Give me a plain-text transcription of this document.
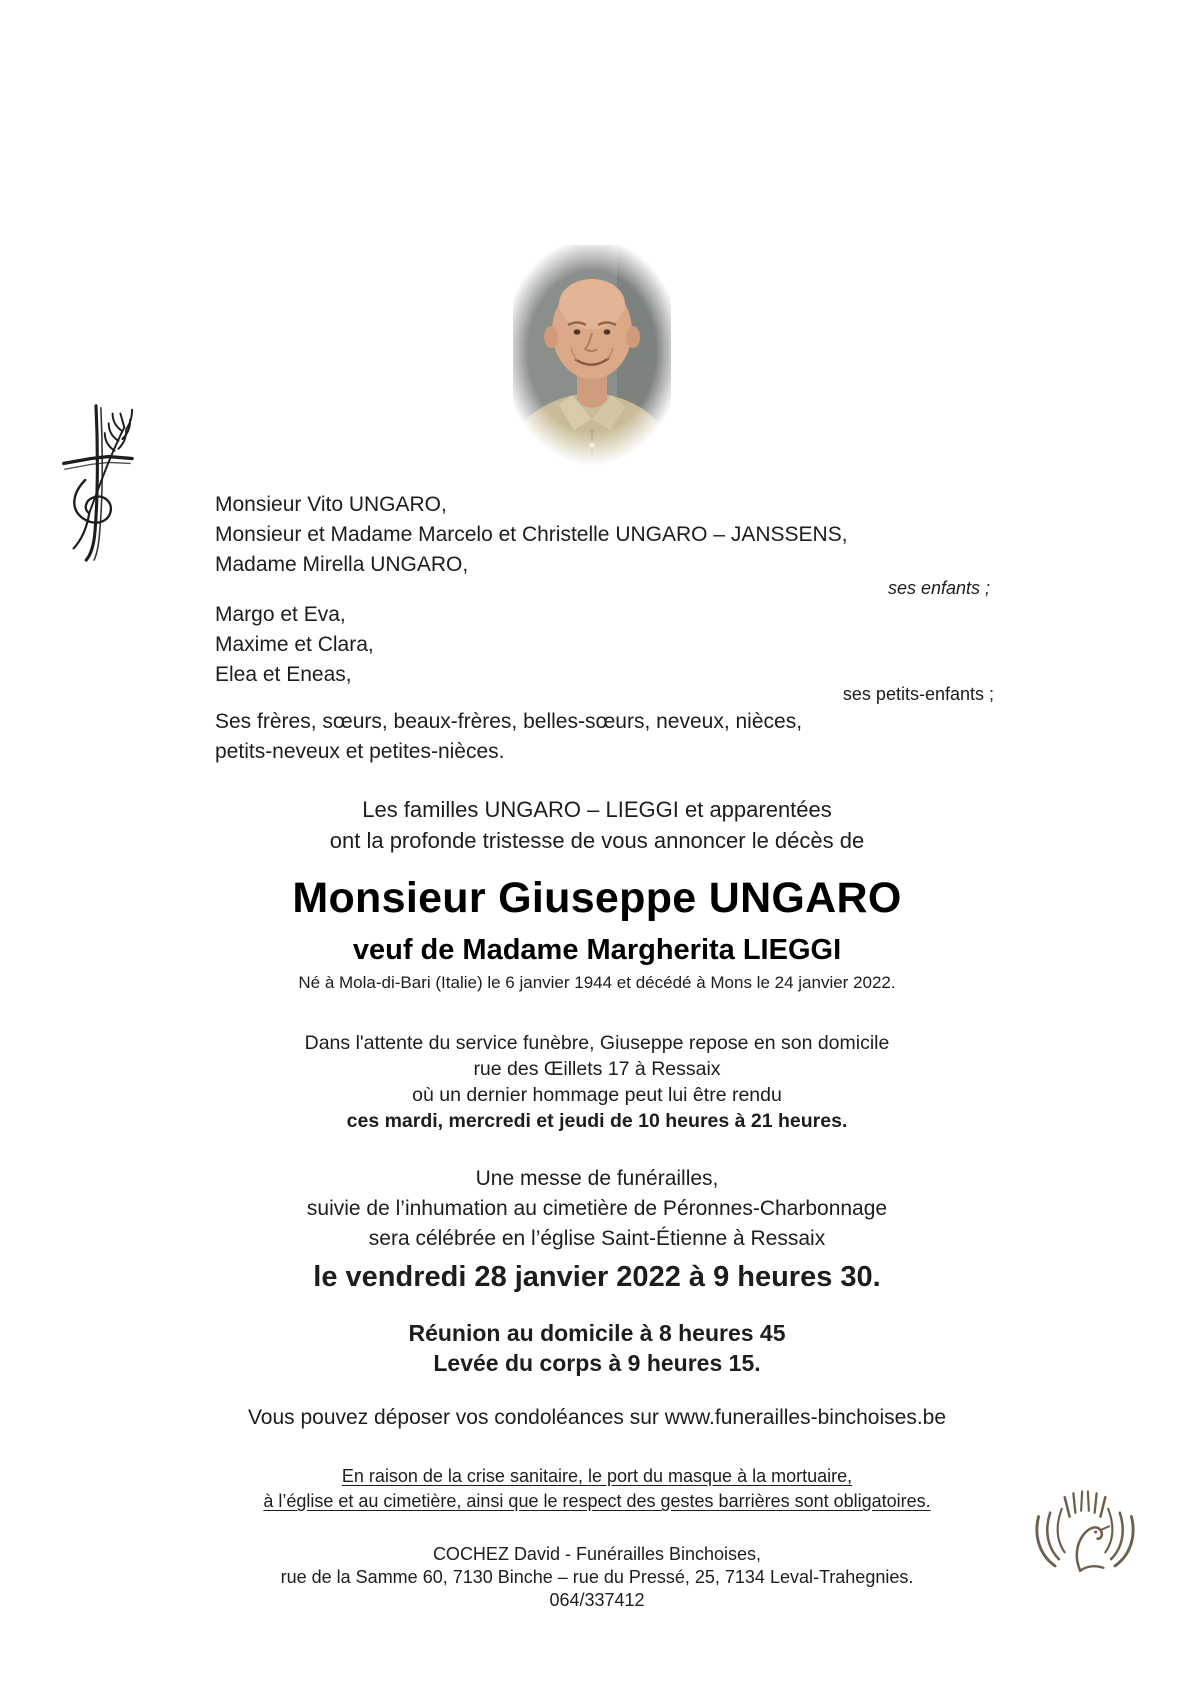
Monsieur Vito UNGARO,
Monsieur et Madame Marcelo et Christelle UNGARO – JANSSENS,
Madame Mirella UNGARO,
ses enfants ;
Margo et Eva,
Maxime et Clara,
Elea et Eneas,
ses petits-enfants ;
Ses frères, sœurs, beaux-frères, belles-sœurs, neveux, nièces,
petits-neveux et petites-nièces.
Les familles UNGARO – LIEGGI et apparentées
ont la profonde tristesse de vous annoncer le décès de
Monsieur Giuseppe UNGARO
veuf de Madame Margherita LIEGGI
Né à Mola-di-Bari (Italie) le 6 janvier 1944 et décédé à Mons le 24 janvier 2022.
Dans l'attente du service funèbre, Giuseppe repose en son domicile
rue des Œillets 17 à Ressaix
où un dernier hommage peut lui être rendu
ces mardi, mercredi et jeudi de 10 heures à 21 heures.
Une messe de funérailles,
suivie de l’inhumation au cimetière de Péronnes-Charbonnage
sera célébrée en l’église Saint-Étienne à Ressaix
le vendredi 28 janvier 2022 à 9 heures 30.
Réunion au domicile à 8 heures 45
Levée du corps à 9 heures 15.
Vous pouvez déposer vos condoléances sur www.funerailles-binchoises.be
En raison de la crise sanitaire, le port du masque à la mortuaire,
à l’église et au cimetière, ainsi que le respect des gestes barrières sont obligatoires.
COCHEZ David - Funérailles Binchoises,
rue de la Samme 60, 7130 Binche – rue du Pressé, 25, 7134 Leval-Trahegnies.
064/337412
